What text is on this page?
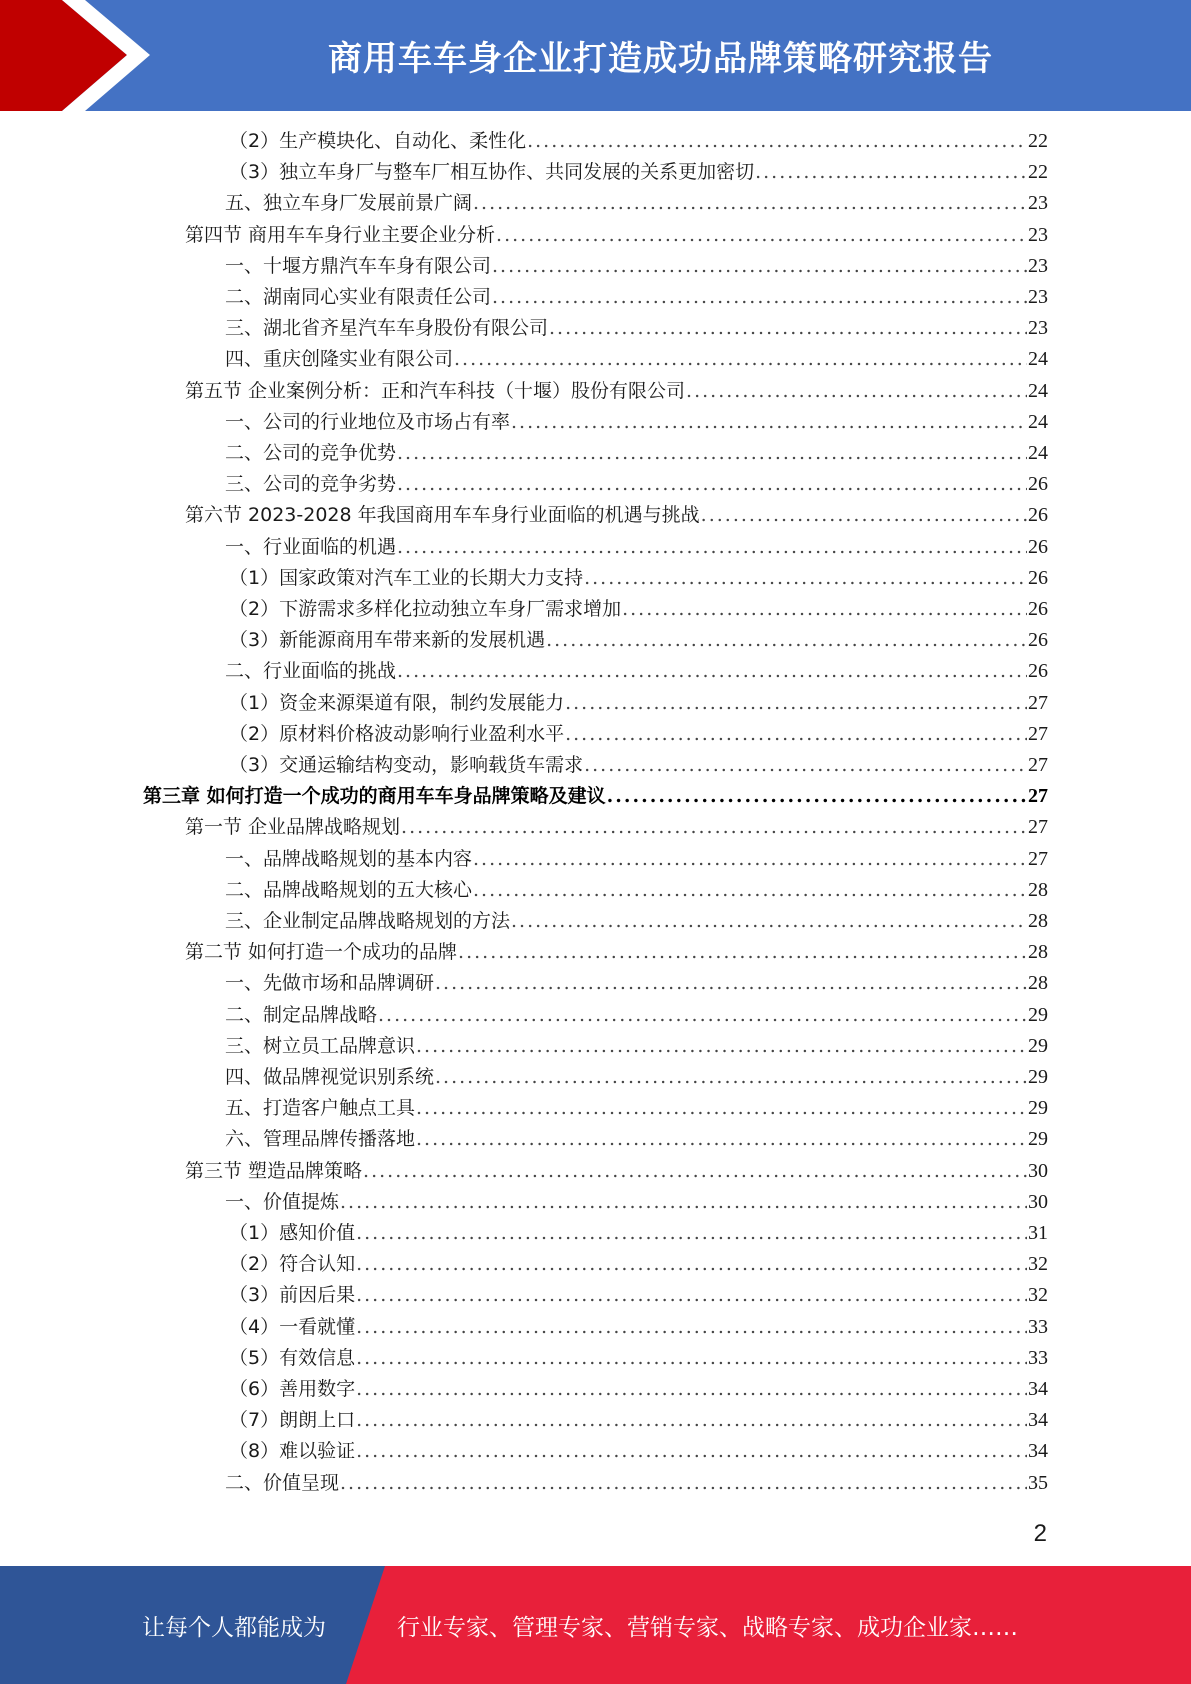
商用车车身企业打造成功品牌策略研究报告
（2）生产模块化、自动化、柔性化 .....	22
（3）独立车身厂与整车厂相互协作、共同发展的关系更加密切 .....	22
五、独立车身厂发展前景广阔 .....	23
第四节 商用车车身行业主要企业分析 .....	23
一、十堰方鼎汽车车身有限公司 .....	23
二、湖南同心实业有限责任公司 .....	23
三、湖北省齐星汽车车身股份有限公司 .....	23
四、重庆创隆实业有限公司 .....	24
第五节 企业案例分析：正和汽车科技（十堰）股份有限公司 .....	24
一、公司的行业地位及市场占有率 .....	24
二、公司的竞争优势 .....	24
三、公司的竞争劣势 .....	26
第六节 2023-2028 年我国商用车车身行业面临的机遇与挑战 .....	26
一、行业面临的机遇 .....	26
（1）国家政策对汽车工业的长期大力支持 .....	26
（2）下游需求多样化拉动独立车身厂需求增加 .....	26
（3）新能源商用车带来新的发展机遇 .....	26
二、行业面临的挑战 .....	26
（1）资金来源渠道有限，制约发展能力 .....	27
（2）原材料价格波动影响行业盈利水平 .....	27
（3）交通运输结构变动，影响载货车需求 .....	27
第三章 如何打造一个成功的商用车车身品牌策略及建议 .....	27
第一节 企业品牌战略规划 .....	27
一、品牌战略规划的基本内容 .....	27
二、品牌战略规划的五大核心 .....	28
三、企业制定品牌战略规划的方法 .....	28
第二节 如何打造一个成功的品牌 .....	28
一、先做市场和品牌调研 .....	28
二、制定品牌战略 .....	29
三、树立员工品牌意识 .....	29
四、做品牌视觉识别系统 .....	29
五、打造客户触点工具 .....	29
六、管理品牌传播落地 .....	29
第三节 塑造品牌策略 .....	30
一、价值提炼 .....	30
（1）感知价值 .....	31
（2）符合认知 .....	32
（3）前因后果 .....	32
（4）一看就懂 .....	33
（5）有效信息 .....	33
（6）善用数字 .....	34
（7）朗朗上口 .....	34
（8）难以验证 .....	34
二、价值呈现 .....	35
2
让每个人都能成为	行业专家、管理专家、营销专家、战略专家、成功企业家……
